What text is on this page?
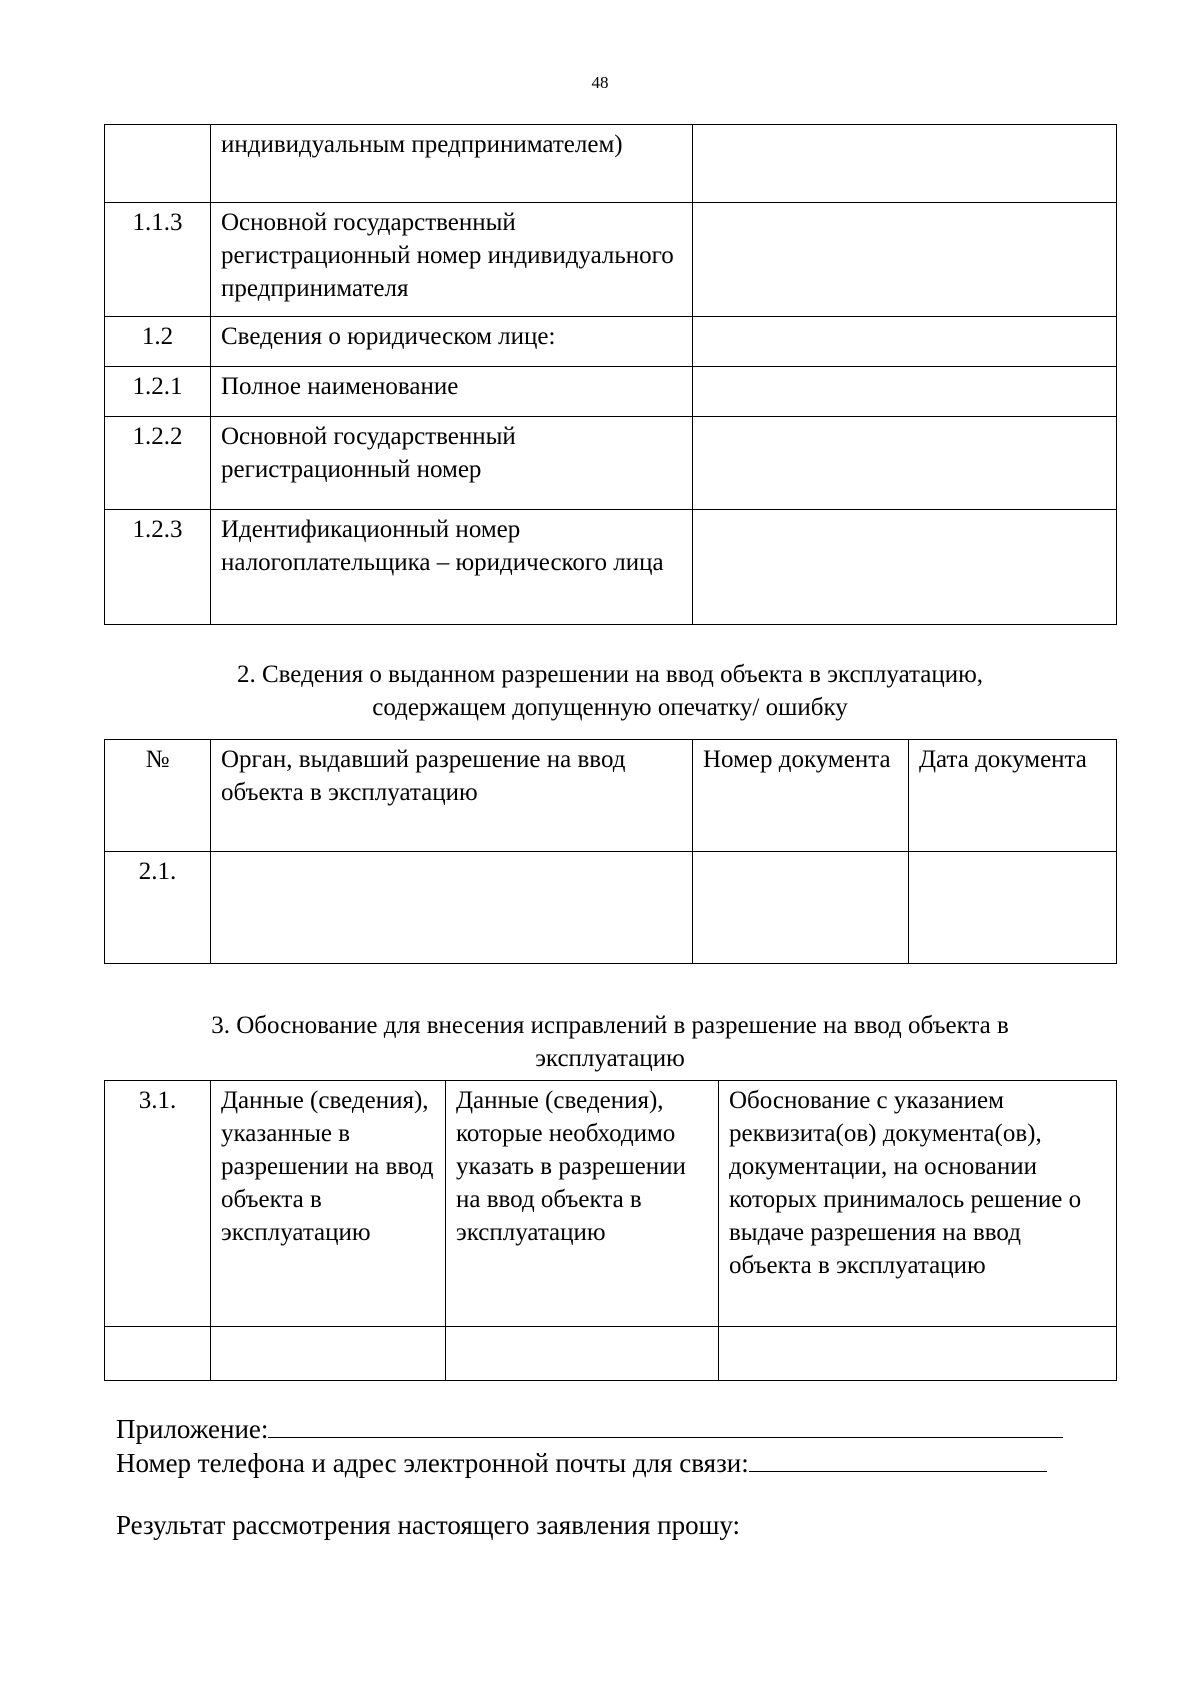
48
	индивидуальным предпринимателем)	
1.1.3	Основной государственный регистрационный номер индивидуального предпринимателя	
1.2	Сведения о юридическом лице:	
1.2.1	Полное наименование	
1.2.2	Основной государственный регистрационный номер	
1.2.3	Идентификационный номер налогоплательщика – юридического лица	
2. Сведения о выданном разрешении на ввод объекта в эксплуатацию,
содержащем допущенную опечатку/ ошибку
№	Орган, выдавший разрешение на ввод объекта в эксплуатацию	Номер документа	Дата документа
2.1.			
3. Обоснование для внесения исправлений в разрешение на ввод объекта в
эксплуатацию
3.1.	Данные (сведения), указанные в разрешении на ввод объекта в эксплуатацию	Данные (сведения), которые необходимо указать в разрешении на ввод объекта в эксплуатацию	Обоснование с указанием реквизита(ов) документа(ов), документации, на основании которых принималось решение о выдаче разрешения на ввод объекта в эксплуатацию

Приложение:
Номер телефона и адрес электронной почты для связи:
Результат рассмотрения настоящего заявления прошу:
